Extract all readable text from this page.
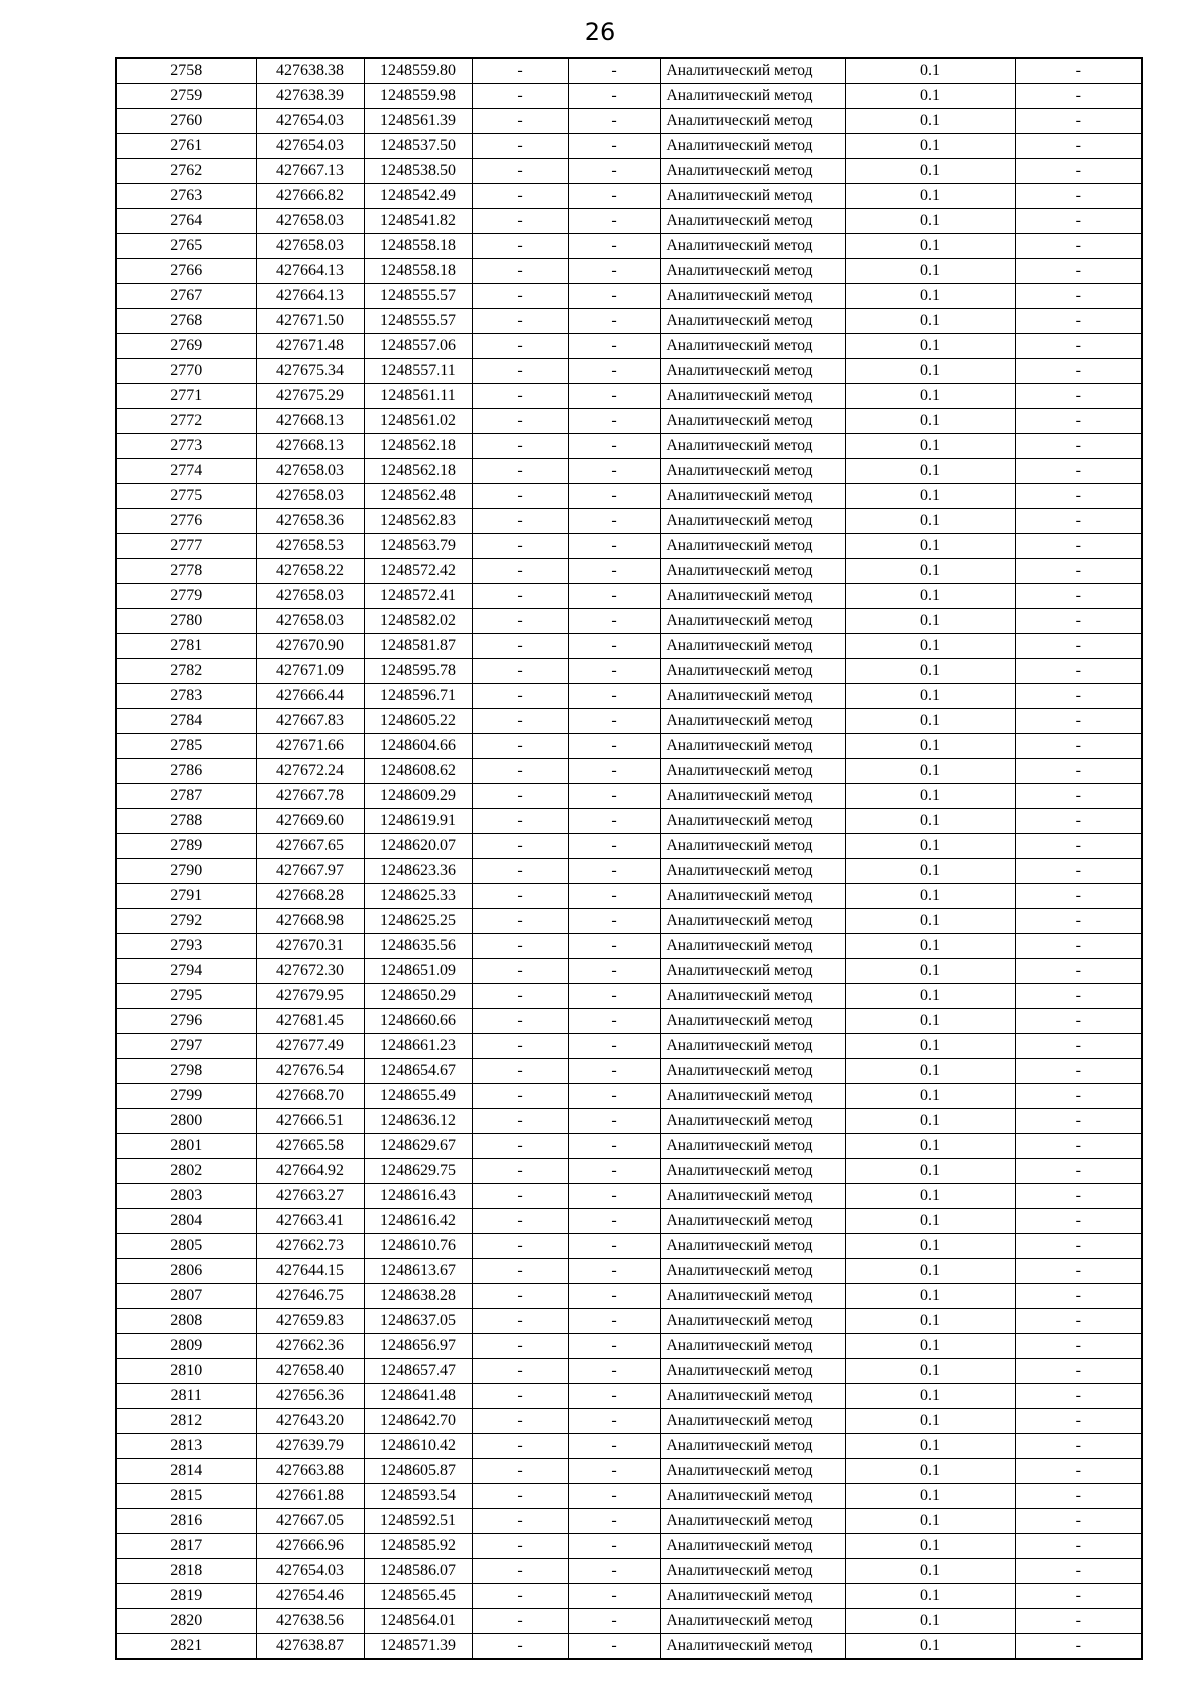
26
2758	427638.38	1248559.80	-	-	Аналитический метод	0.1	-
2759	427638.39	1248559.98	-	-	Аналитический метод	0.1	-
2760	427654.03	1248561.39	-	-	Аналитический метод	0.1	-
2761	427654.03	1248537.50	-	-	Аналитический метод	0.1	-
2762	427667.13	1248538.50	-	-	Аналитический метод	0.1	-
2763	427666.82	1248542.49	-	-	Аналитический метод	0.1	-
2764	427658.03	1248541.82	-	-	Аналитический метод	0.1	-
2765	427658.03	1248558.18	-	-	Аналитический метод	0.1	-
2766	427664.13	1248558.18	-	-	Аналитический метод	0.1	-
2767	427664.13	1248555.57	-	-	Аналитический метод	0.1	-
2768	427671.50	1248555.57	-	-	Аналитический метод	0.1	-
2769	427671.48	1248557.06	-	-	Аналитический метод	0.1	-
2770	427675.34	1248557.11	-	-	Аналитический метод	0.1	-
2771	427675.29	1248561.11	-	-	Аналитический метод	0.1	-
2772	427668.13	1248561.02	-	-	Аналитический метод	0.1	-
2773	427668.13	1248562.18	-	-	Аналитический метод	0.1	-
2774	427658.03	1248562.18	-	-	Аналитический метод	0.1	-
2775	427658.03	1248562.48	-	-	Аналитический метод	0.1	-
2776	427658.36	1248562.83	-	-	Аналитический метод	0.1	-
2777	427658.53	1248563.79	-	-	Аналитический метод	0.1	-
2778	427658.22	1248572.42	-	-	Аналитический метод	0.1	-
2779	427658.03	1248572.41	-	-	Аналитический метод	0.1	-
2780	427658.03	1248582.02	-	-	Аналитический метод	0.1	-
2781	427670.90	1248581.87	-	-	Аналитический метод	0.1	-
2782	427671.09	1248595.78	-	-	Аналитический метод	0.1	-
2783	427666.44	1248596.71	-	-	Аналитический метод	0.1	-
2784	427667.83	1248605.22	-	-	Аналитический метод	0.1	-
2785	427671.66	1248604.66	-	-	Аналитический метод	0.1	-
2786	427672.24	1248608.62	-	-	Аналитический метод	0.1	-
2787	427667.78	1248609.29	-	-	Аналитический метод	0.1	-
2788	427669.60	1248619.91	-	-	Аналитический метод	0.1	-
2789	427667.65	1248620.07	-	-	Аналитический метод	0.1	-
2790	427667.97	1248623.36	-	-	Аналитический метод	0.1	-
2791	427668.28	1248625.33	-	-	Аналитический метод	0.1	-
2792	427668.98	1248625.25	-	-	Аналитический метод	0.1	-
2793	427670.31	1248635.56	-	-	Аналитический метод	0.1	-
2794	427672.30	1248651.09	-	-	Аналитический метод	0.1	-
2795	427679.95	1248650.29	-	-	Аналитический метод	0.1	-
2796	427681.45	1248660.66	-	-	Аналитический метод	0.1	-
2797	427677.49	1248661.23	-	-	Аналитический метод	0.1	-
2798	427676.54	1248654.67	-	-	Аналитический метод	0.1	-
2799	427668.70	1248655.49	-	-	Аналитический метод	0.1	-
2800	427666.51	1248636.12	-	-	Аналитический метод	0.1	-
2801	427665.58	1248629.67	-	-	Аналитический метод	0.1	-
2802	427664.92	1248629.75	-	-	Аналитический метод	0.1	-
2803	427663.27	1248616.43	-	-	Аналитический метод	0.1	-
2804	427663.41	1248616.42	-	-	Аналитический метод	0.1	-
2805	427662.73	1248610.76	-	-	Аналитический метод	0.1	-
2806	427644.15	1248613.67	-	-	Аналитический метод	0.1	-
2807	427646.75	1248638.28	-	-	Аналитический метод	0.1	-
2808	427659.83	1248637.05	-	-	Аналитический метод	0.1	-
2809	427662.36	1248656.97	-	-	Аналитический метод	0.1	-
2810	427658.40	1248657.47	-	-	Аналитический метод	0.1	-
2811	427656.36	1248641.48	-	-	Аналитический метод	0.1	-
2812	427643.20	1248642.70	-	-	Аналитический метод	0.1	-
2813	427639.79	1248610.42	-	-	Аналитический метод	0.1	-
2814	427663.88	1248605.87	-	-	Аналитический метод	0.1	-
2815	427661.88	1248593.54	-	-	Аналитический метод	0.1	-
2816	427667.05	1248592.51	-	-	Аналитический метод	0.1	-
2817	427666.96	1248585.92	-	-	Аналитический метод	0.1	-
2818	427654.03	1248586.07	-	-	Аналитический метод	0.1	-
2819	427654.46	1248565.45	-	-	Аналитический метод	0.1	-
2820	427638.56	1248564.01	-	-	Аналитический метод	0.1	-
2821	427638.87	1248571.39	-	-	Аналитический метод	0.1	-
